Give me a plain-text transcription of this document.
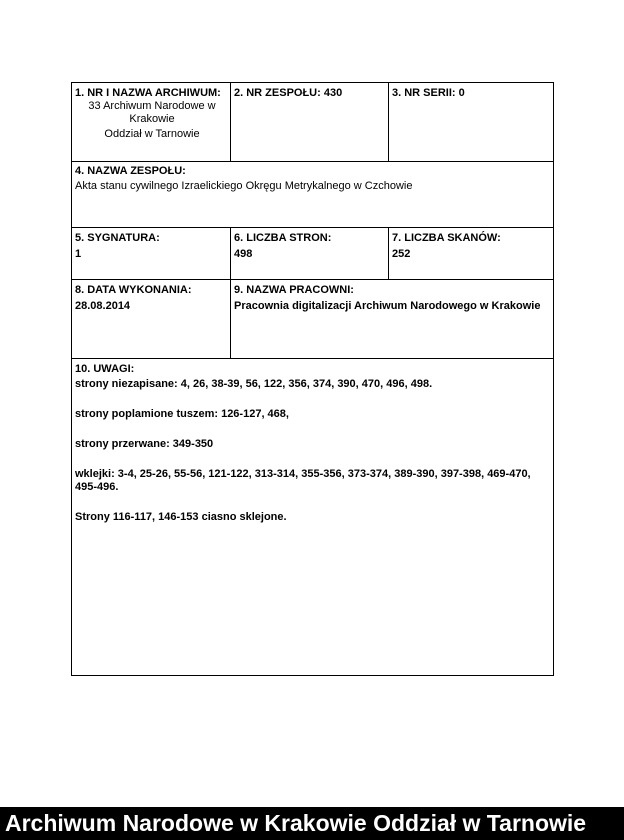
1. NR I NAZWA ARCHIWUM:
33 Archiwum Narodowe w
Krakowie
Oddział w Tarnowie
2. NR ZESPOŁU: 430	3. NR SERII: 0
4. NAZWA ZESPOŁU:
Akta stanu cywilnego Izraelickiego Okręgu Metrykalnego w Czchowie
5. SYGNATURA:
1
6. LICZBA STRON:
498
7. LICZBA SKANÓW:
252
8. DATA WYKONANIA:
28.08.2014
9. NAZWA PRACOWNI:
Pracownia digitalizacji Archiwum Narodowego w Krakowie
10. UWAGI:

strony niezapisane: 4, 26, 38-39, 56, 122, 356, 374, 390, 470, 496, 498.

strony poplamione tuszem: 126-127, 468,

strony przerwane: 349-350

wklejki: 3-4, 25-26, 55-56, 121-122, 313-314, 355-356, 373-374, 389-390, 397-398, 469-470, 495-496.

Strony 116-117, 146-153 ciasno sklejone.

Archiwum Narodowe w Krakowie Oddział w Tarnowie
